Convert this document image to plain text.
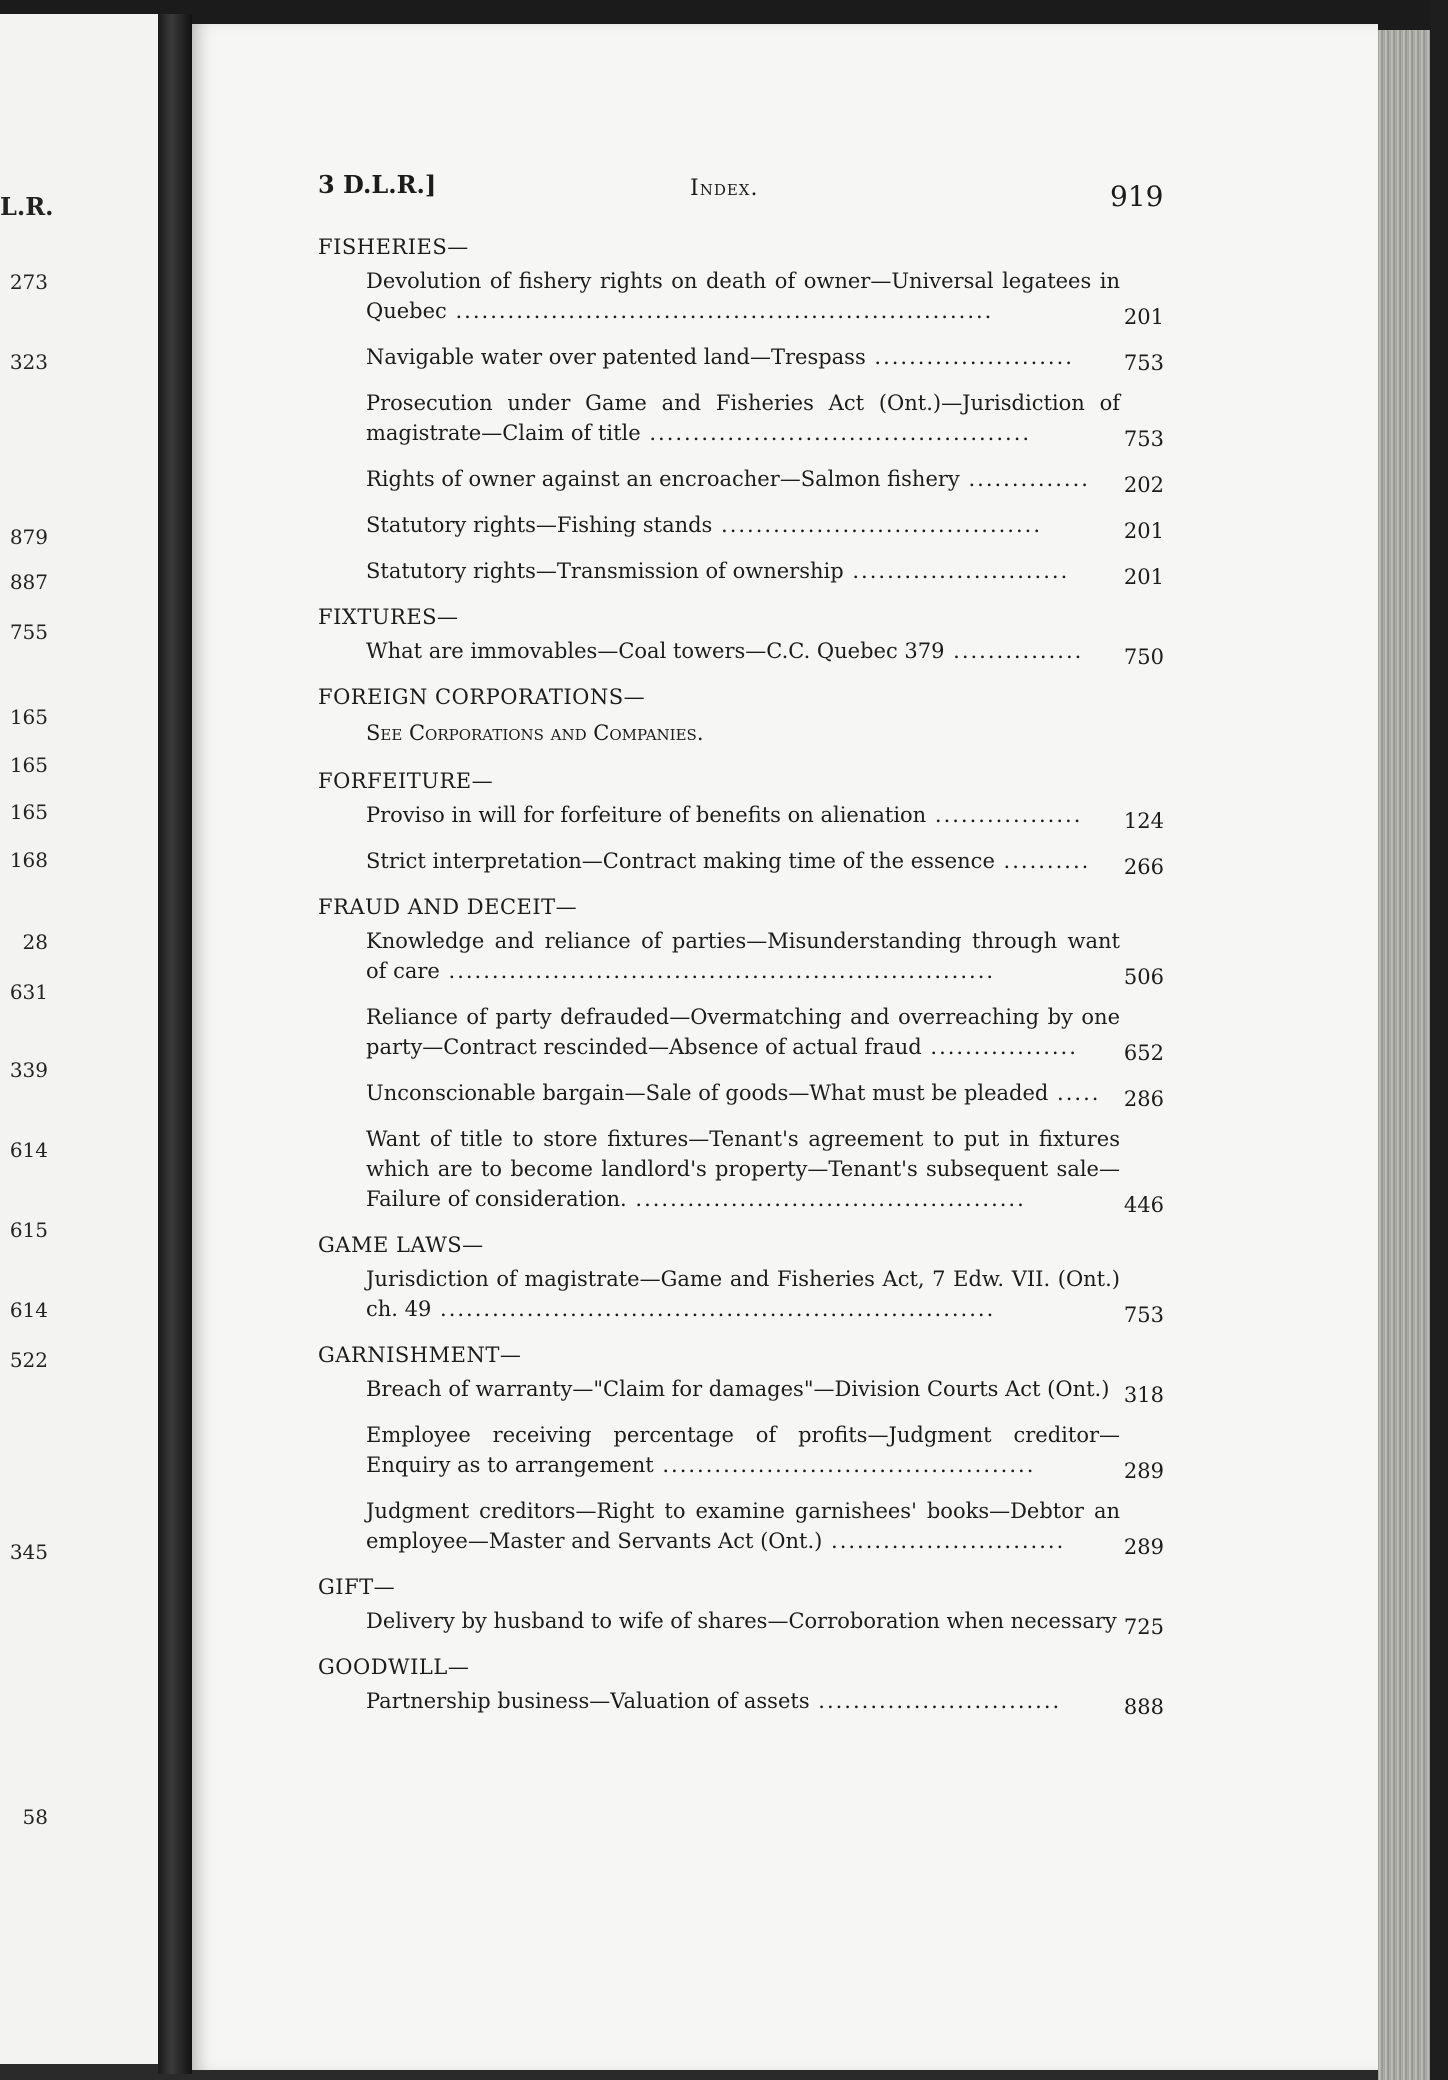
L.R.
273
323
879
887
755
165
165
165
168
28
631
339
614
615
614
522
345
58
3 D.L.R.]	Index.	919
FISHERIES—
Devolution of fishery rights on death of owner—Universal legatees in Quebec ..............................................................	201
Navigable water over patented land—Trespass ....................... 753
Prosecution under Game and Fisheries Act (Ont.)—Jurisdiction of magistrate—Claim of title ............................................	753
Rights of owner against an encroacher—Salmon fishery .............. 202
Statutory rights—Fishing stands .....................................	201
Statutory rights—Transmission of ownership .........................	201
FIXTURES—
What are immovables—Coal towers—C.C. Quebec 379 ............... 750
FOREIGN CORPORATIONS—
See Corporations and Companies.
FORFEITURE—
Proviso in will for forfeiture of benefits on alienation ................. 124
Strict interpretation—Contract making time of the essence .......... 266
FRAUD AND DECEIT—
Knowledge and reliance of parties—Misunderstanding through want of care ...............................................................	506
Reliance of party defrauded—Overmatching and overreaching by one party—Contract rescinded—Absence of actual fraud ................. 652
Unconscionable bargain—Sale of goods—What must be pleaded ..... 286
Want of title to store fixtures—Tenant's agreement to put in fixtures which are to become landlord's property—Tenant's subsequent sale—Failure of consideration. .............................................	446
GAME LAWS—
Jurisdiction of magistrate—Game and Fisheries Act, 7 Edw. VII. (Ont.) ch. 49 ................................................................	753
GARNISHMENT—
Breach of warranty—"Claim for damages"—Division Courts Act (Ont.) 318
Employee receiving percentage of profits—Judgment creditor—Enquiry as to arrangement ...........................................	289
Judgment creditors—Right to examine garnishees' books—Debtor an employee—Master and Servants Act (Ont.) ...........................	289
GIFT—
Delivery by husband to wife of shares—Corroboration when necessary 725
GOODWILL—
Partnership business—Valuation of assets ............................	888
